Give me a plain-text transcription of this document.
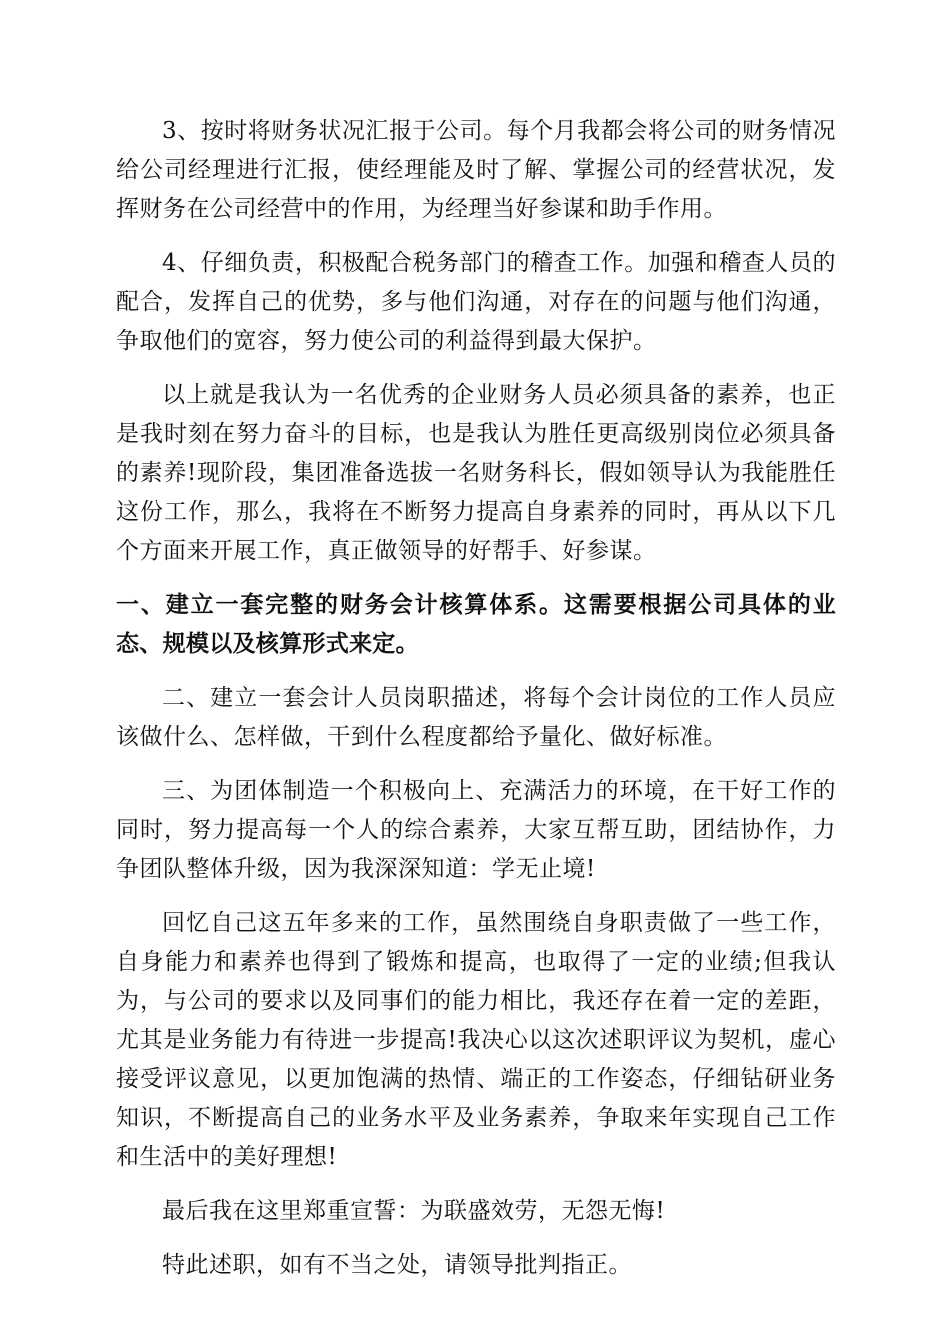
3、按时将财务状况汇报于公司。每个月我都会将公司的财务情况给公司经理进行汇报，使经理能及时了解、掌握公司的经营状况，发挥财务在公司经营中的作用，为经理当好参谋和助手作用。

4、仔细负责，积极配合税务部门的稽查工作。加强和稽查人员的配合，发挥自己的优势，多与他们沟通，对存在的问题与他们沟通，争取他们的宽容，努力使公司的利益得到最大保护。

以上就是我认为一名优秀的企业财务人员必须具备的素养，也正是我时刻在努力奋斗的目标，也是我认为胜任更高级别岗位必须具备的素养!现阶段，集团准备选拔一名财务科长，假如领导认为我能胜任这份工作，那么，我将在不断努力提高自身素养的同时，再从以下几个方面来开展工作，真正做领导的好帮手、好参谋。

一、建立一套完整的财务会计核算体系。这需要根据公司具体的业态、规模以及核算形式来定。

二、建立一套会计人员岗职描述，将每个会计岗位的工作人员应该做什么、怎样做，干到什么程度都给予量化、做好标准。

三、为团体制造一个积极向上、充满活力的环境，在干好工作的同时，努力提高每一个人的综合素养，大家互帮互助，团结协作，力争团队整体升级，因为我深深知道：学无止境!

回忆自己这五年多来的工作，虽然围绕自身职责做了一些工作，自身能力和素养也得到了锻炼和提高，也取得了一定的业绩;但我认为，与公司的要求以及同事们的能力相比，我还存在着一定的差距，尤其是业务能力有待进一步提高!我决心以这次述职评议为契机，虚心接受评议意见，以更加饱满的热情、端正的工作姿态，仔细钻研业务知识，不断提高自己的业务水平及业务素养，争取来年实现自己工作和生活中的美好理想!

最后我在这里郑重宣誓：为联盛效劳，无怨无悔!

特此述职，如有不当之处，请领导批判指正。
